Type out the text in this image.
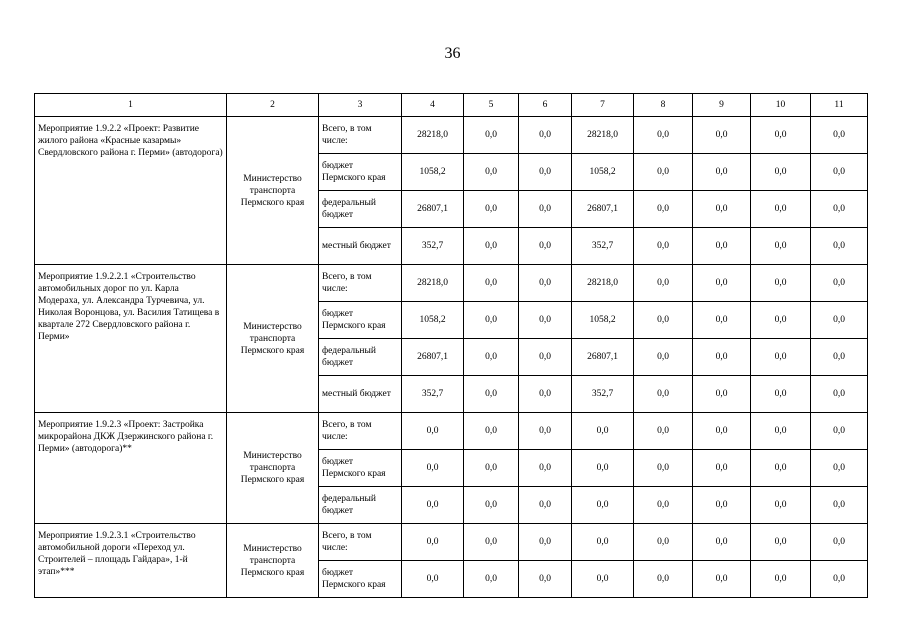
36
1	2	3	4	5	6	7	8	9	10	11
Мероприятие 1.9.2.2 «Проект: Развитие жилого района «Красные казармы» Свердловского района г. Перми» (автодорога)	Министерство транспорта Пермского края	Всего, в том числе:	28218,0	0,0	0,0	28218,0	0,0	0,0	0,0	0,0
		бюджет Пермского края	1058,2	0,0	0,0	1058,2	0,0	0,0	0,0	0,0
		федеральный бюджет	26807,1	0,0	0,0	26807,1	0,0	0,0	0,0	0,0
		местный бюджет	352,7	0,0	0,0	352,7	0,0	0,0	0,0	0,0
Мероприятие 1.9.2.2.1 «Строительство автомобильных дорог по ул. Карла Модераха, ул. Александра Турчевича, ул. Николая Воронцова, ул. Василия Татищева в квартале 272 Свердловского района г. Перми»	Министерство транспорта Пермского края	Всего, в том числе:	28218,0	0,0	0,0	28218,0	0,0	0,0	0,0	0,0
		бюджет Пермского края	1058,2	0,0	0,0	1058,2	0,0	0,0	0,0	0,0
		федеральный бюджет	26807,1	0,0	0,0	26807,1	0,0	0,0	0,0	0,0
		местный бюджет	352,7	0,0	0,0	352,7	0,0	0,0	0,0	0,0
Мероприятие 1.9.2.3 «Проект: Застройка микрорайона ДКЖ Дзержинского района г. Перми» (автодорога)**	Министерство транспорта Пермского края	Всего, в том числе:	0,0	0,0	0,0	0,0	0,0	0,0	0,0	0,0
		бюджет Пермского края	0,0	0,0	0,0	0,0	0,0	0,0	0,0	0,0
		федеральный бюджет	0,0	0,0	0,0	0,0	0,0	0,0	0,0	0,0
Мероприятие 1.9.2.3.1 «Строительство автомобильной дороги «Переход ул. Строителей – площадь Гайдара», 1-й этап»***	Министерство транспорта Пермского края	Всего, в том числе:	0,0	0,0	0,0	0,0	0,0	0,0	0,0	0,0
		бюджет Пермского края	0,0	0,0	0,0	0,0	0,0	0,0	0,0	0,0
